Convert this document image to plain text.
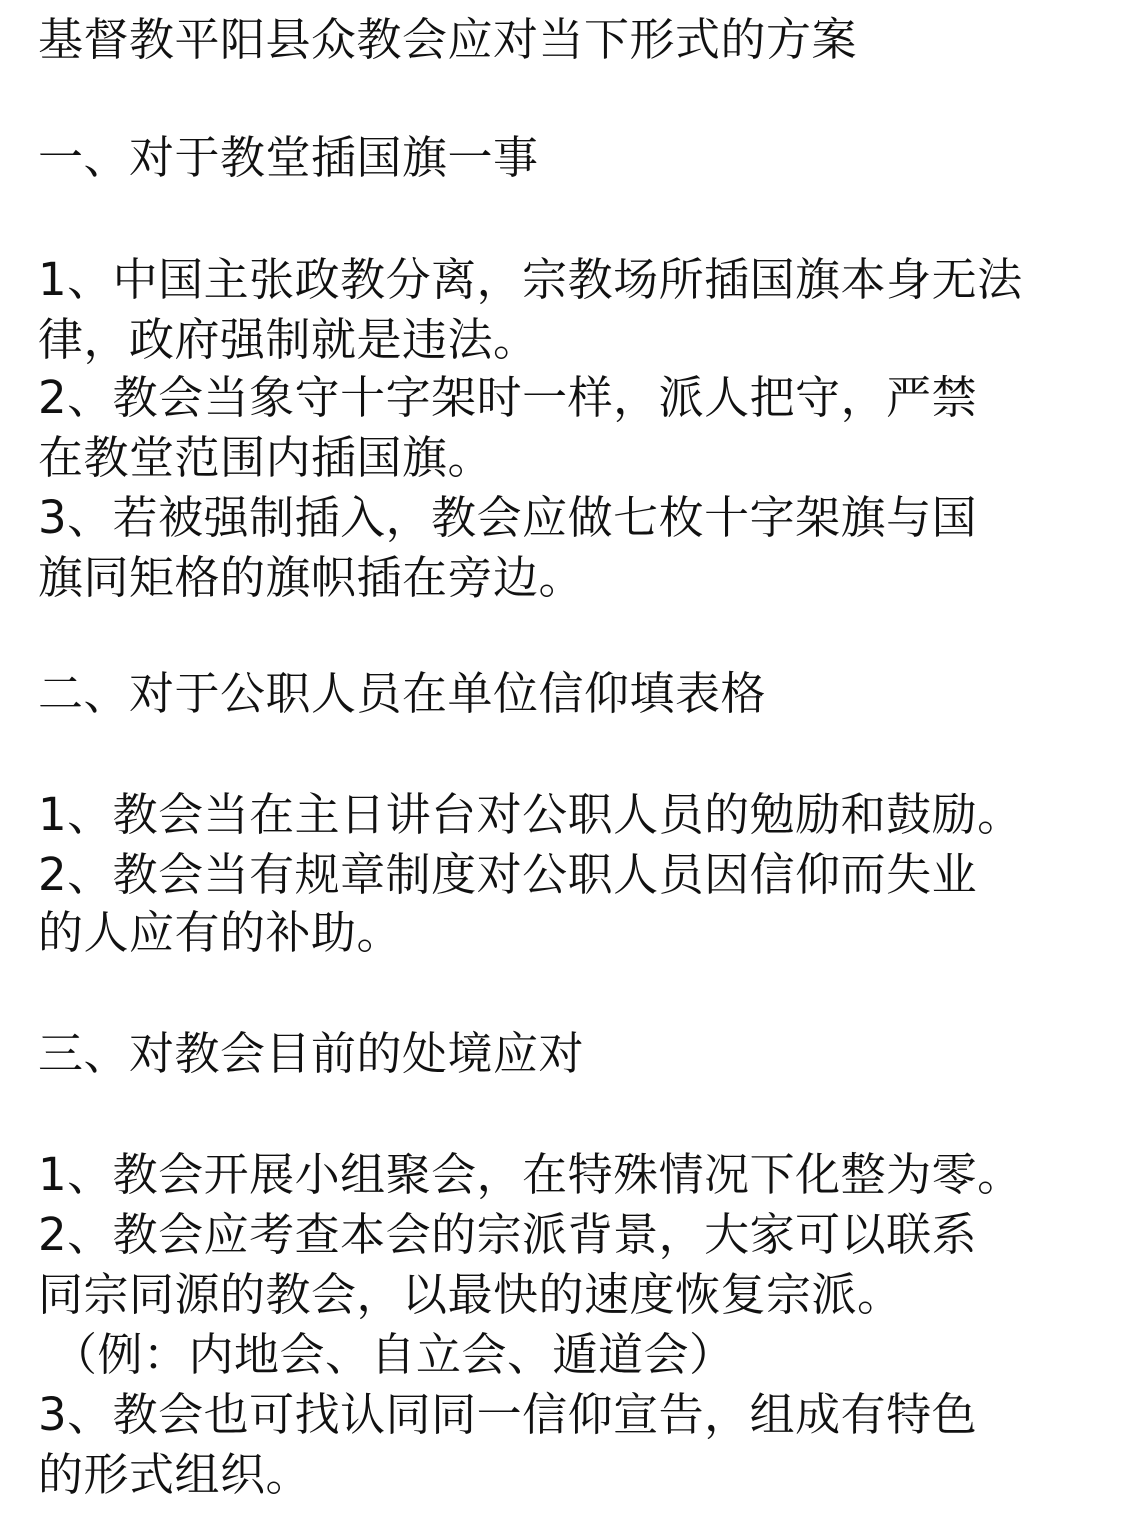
基督教平阳县众教会应对当下形式的方案
一、对于教堂插国旗一事
1、中国主张政教分离，宗教场所插国旗本身无法
律，政府强制就是违法。
2、教会当象守十字架时一样，派人把守，严禁
在教堂范围内插国旗。
3、若被强制插入，教会应做七枚十字架旗与国
旗同矩格的旗帜插在旁边。
二、对于公职人员在单位信仰填表格
1、教会当在主日讲台对公职人员的勉励和鼓励。
2、教会当有规章制度对公职人员因信仰而失业
的人应有的补助。
三、对教会目前的处境应对
1、教会开展小组聚会，在特殊情况下化整为零。
2、教会应考查本会的宗派背景，大家可以联系
同宗同源的教会，以最快的速度恢复宗派。
（例：内地会、自立会、遁道会）
3、教会也可找认同同一信仰宣告，组成有特色
的形式组织。
